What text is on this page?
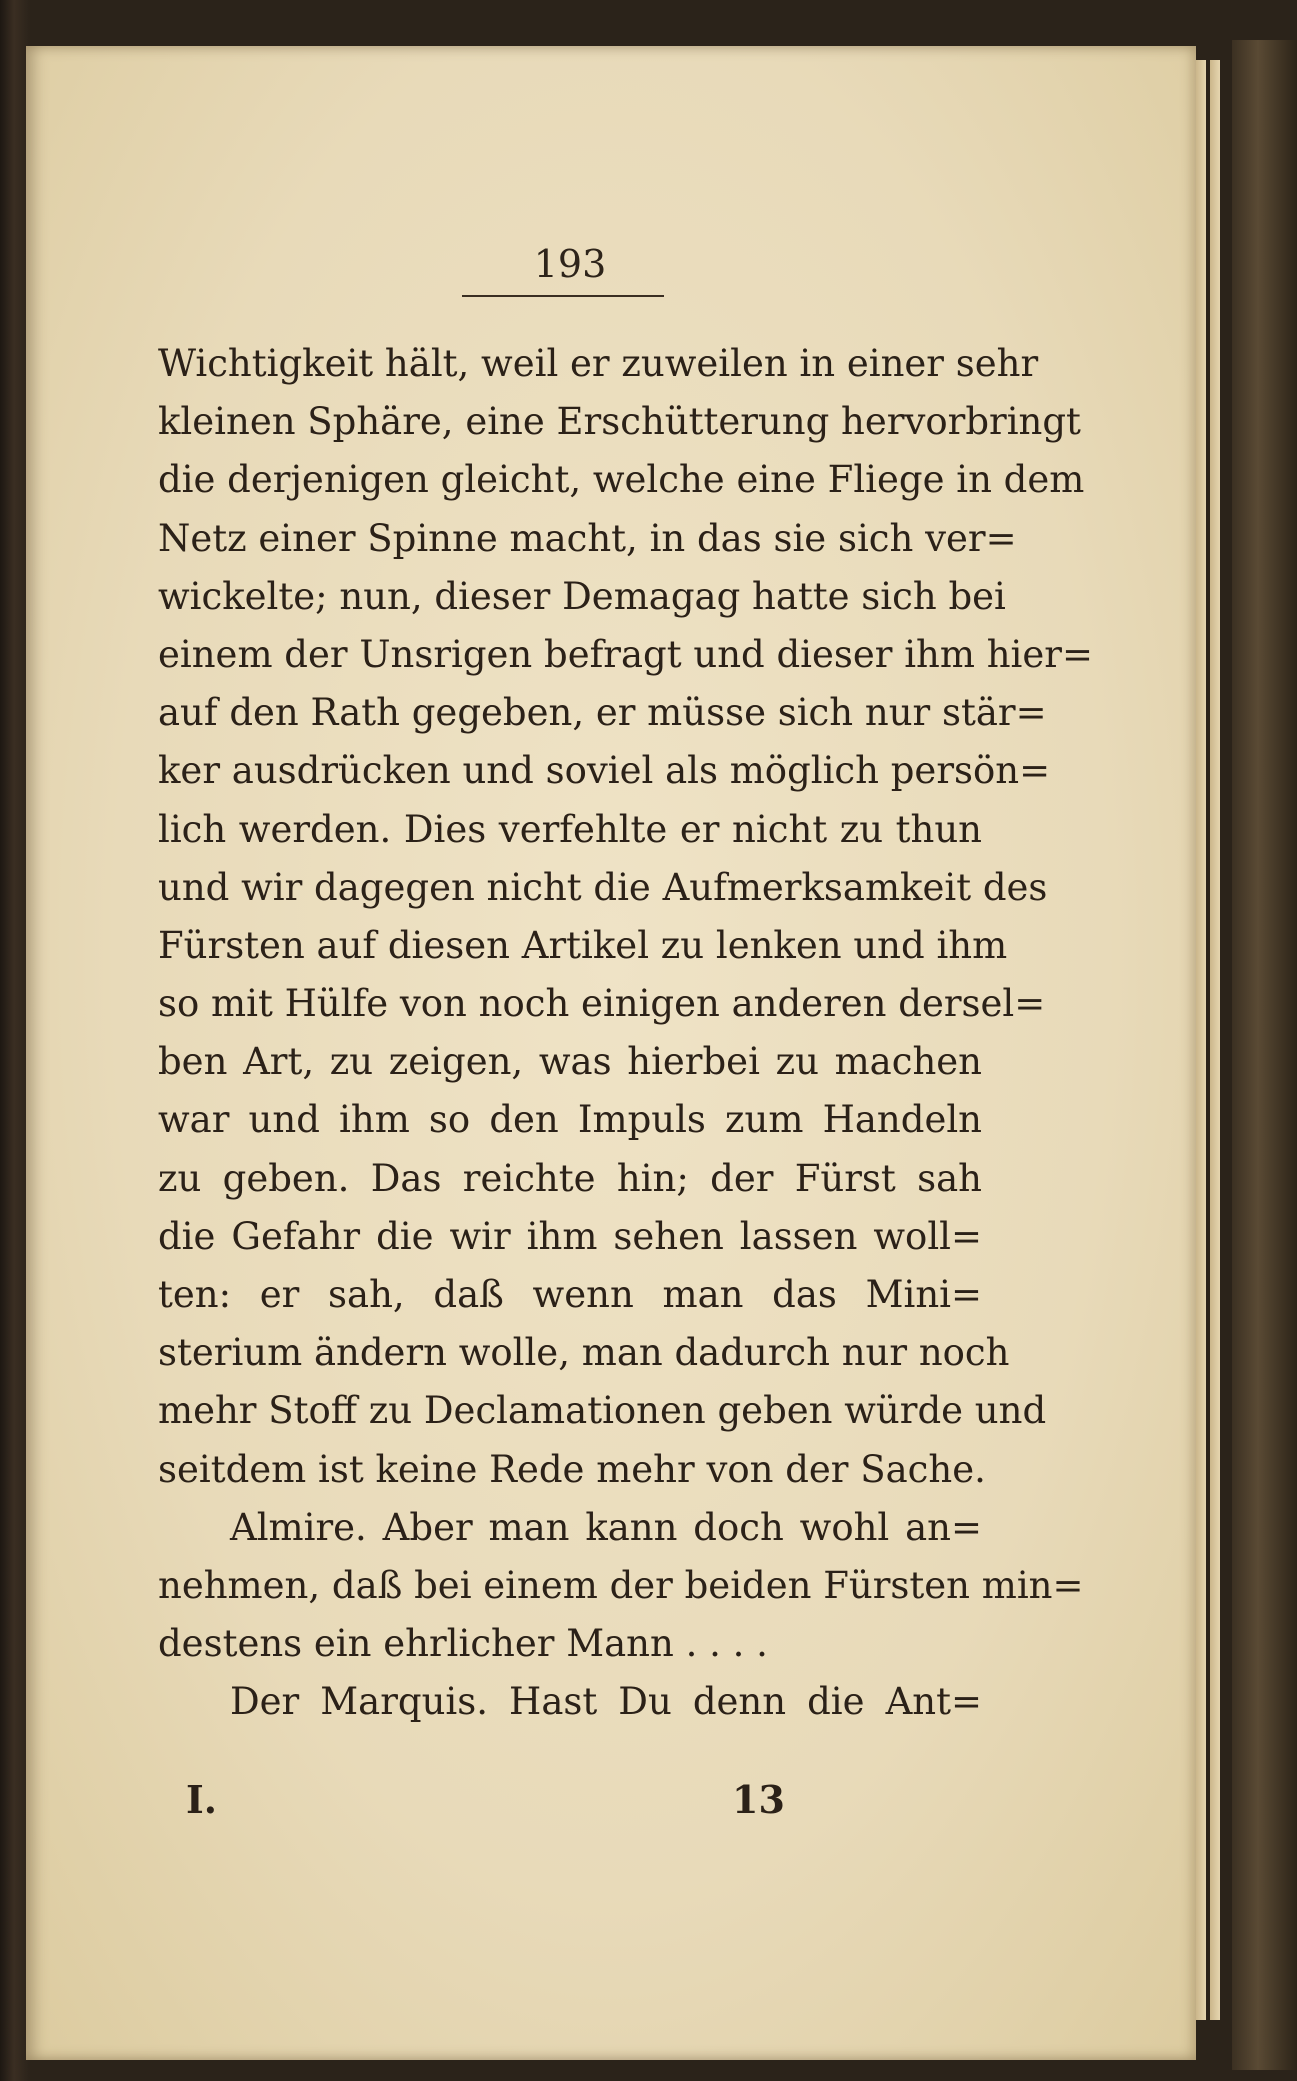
193
Wichtigkeit hält, weil er zuweilen in einer sehr
kleinen Sphäre, eine Erschütterung hervorbringt
die derjenigen gleicht, welche eine Fliege in dem
Netz einer Spinne macht, in das sie sich ver=
wickelte; nun, dieser Demagag hatte sich bei
einem der Unsrigen befragt und dieser ihm hier=
auf den Rath gegeben, er müsse sich nur stär=
ker ausdrücken und soviel als möglich persön=
lich werden. Dies verfehlte er nicht zu thun
und wir dagegen nicht die Aufmerksamkeit des
Fürsten auf diesen Artikel zu lenken und ihm
so mit Hülfe von noch einigen anderen dersel=
ben Art, zu zeigen, was hierbei zu machen
war und ihm so den Impuls zum Handeln
zu geben. Das reichte hin; der Fürst sah
die Gefahr die wir ihm sehen lassen woll=
ten: er sah, daß wenn man das Mini=
sterium ändern wolle, man dadurch nur noch
mehr Stoff zu Declamationen geben würde und
seitdem ist keine Rede mehr von der Sache.
Almire. Aber man kann doch wohl an=
nehmen, daß bei einem der beiden Fürsten min=
destens ein ehrlicher Mann . . . .
Der Marquis. Hast Du denn die Ant=
I.	13
